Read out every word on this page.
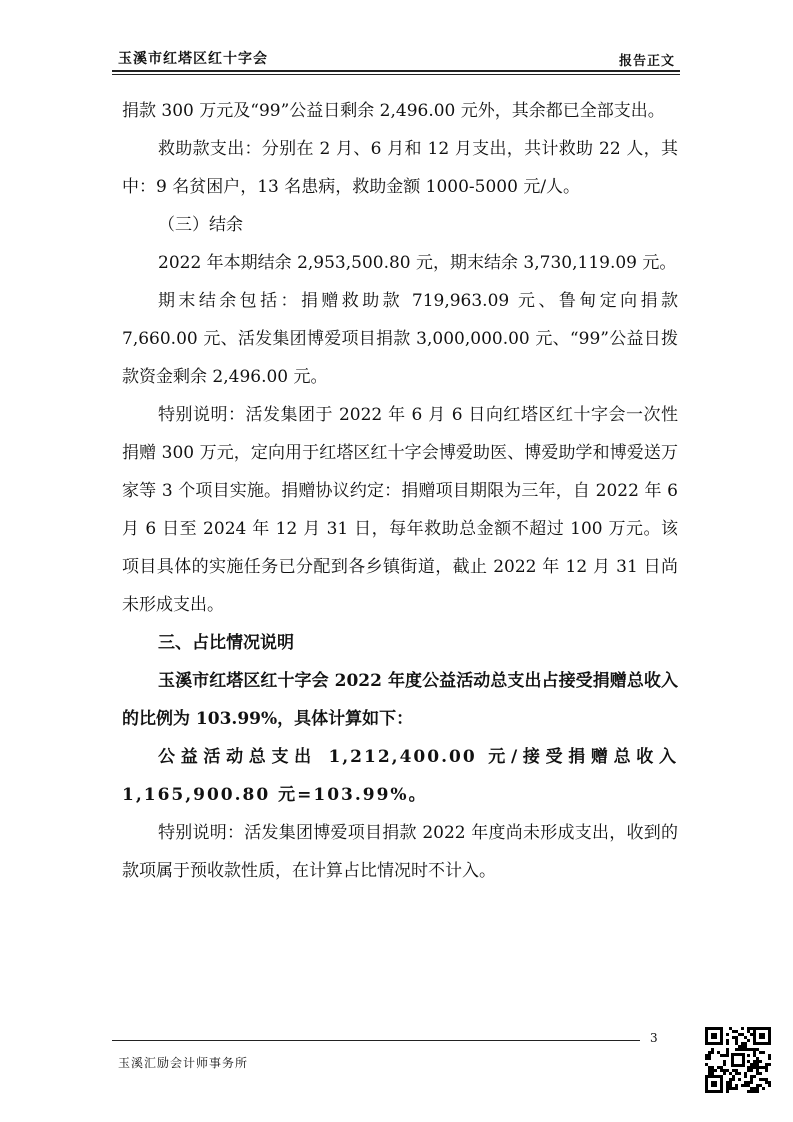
玉溪市红塔区红十字会	报告正文

捐款 300 万元及“99”公益日剩余 2,496.00 元外，其余都已全部支出。

救助款支出：分别在 2 月、6 月和 12 月支出，共计救助 22 人，其中：9 名贫困户，13 名患病，救助金额 1000-5000 元/人。

（三）结余

2022 年本期结余 2,953,500.80 元，期末结余 3,730,119.09 元。

期末结余包括：捐赠救助款 719,963.09 元、鲁甸定向捐款 7,660.00 元、活发集团博爱项目捐款 3,000,000.00 元、“99”公益日拨款资金剩余 2,496.00 元。

特别说明：活发集团于 2022 年 6 月 6 日向红塔区红十字会一次性捐赠 300 万元，定向用于红塔区红十字会博爱助医、博爱助学和博爱送万家等 3 个项目实施。捐赠协议约定：捐赠项目期限为三年，自 2022 年 6 月 6 日至 2024 年 12 月 31 日，每年救助总金额不超过 100 万元。该项目具体的实施任务已分配到各乡镇街道，截止 2022 年 12 月 31 日尚未形成支出。

三、占比情况说明

玉溪市红塔区红十字会 2022 年度公益活动总支出占接受捐赠总收入的比例为 103.99%，具体计算如下：

公益活动总支出 1,212,400.00 元/接受捐赠总收入 1,165,900.80 元=103.99%。

特别说明：活发集团博爱项目捐款 2022 年度尚未形成支出，收到的款项属于预收款性质，在计算占比情况时不计入。

3
玉溪汇励会计师事务所
